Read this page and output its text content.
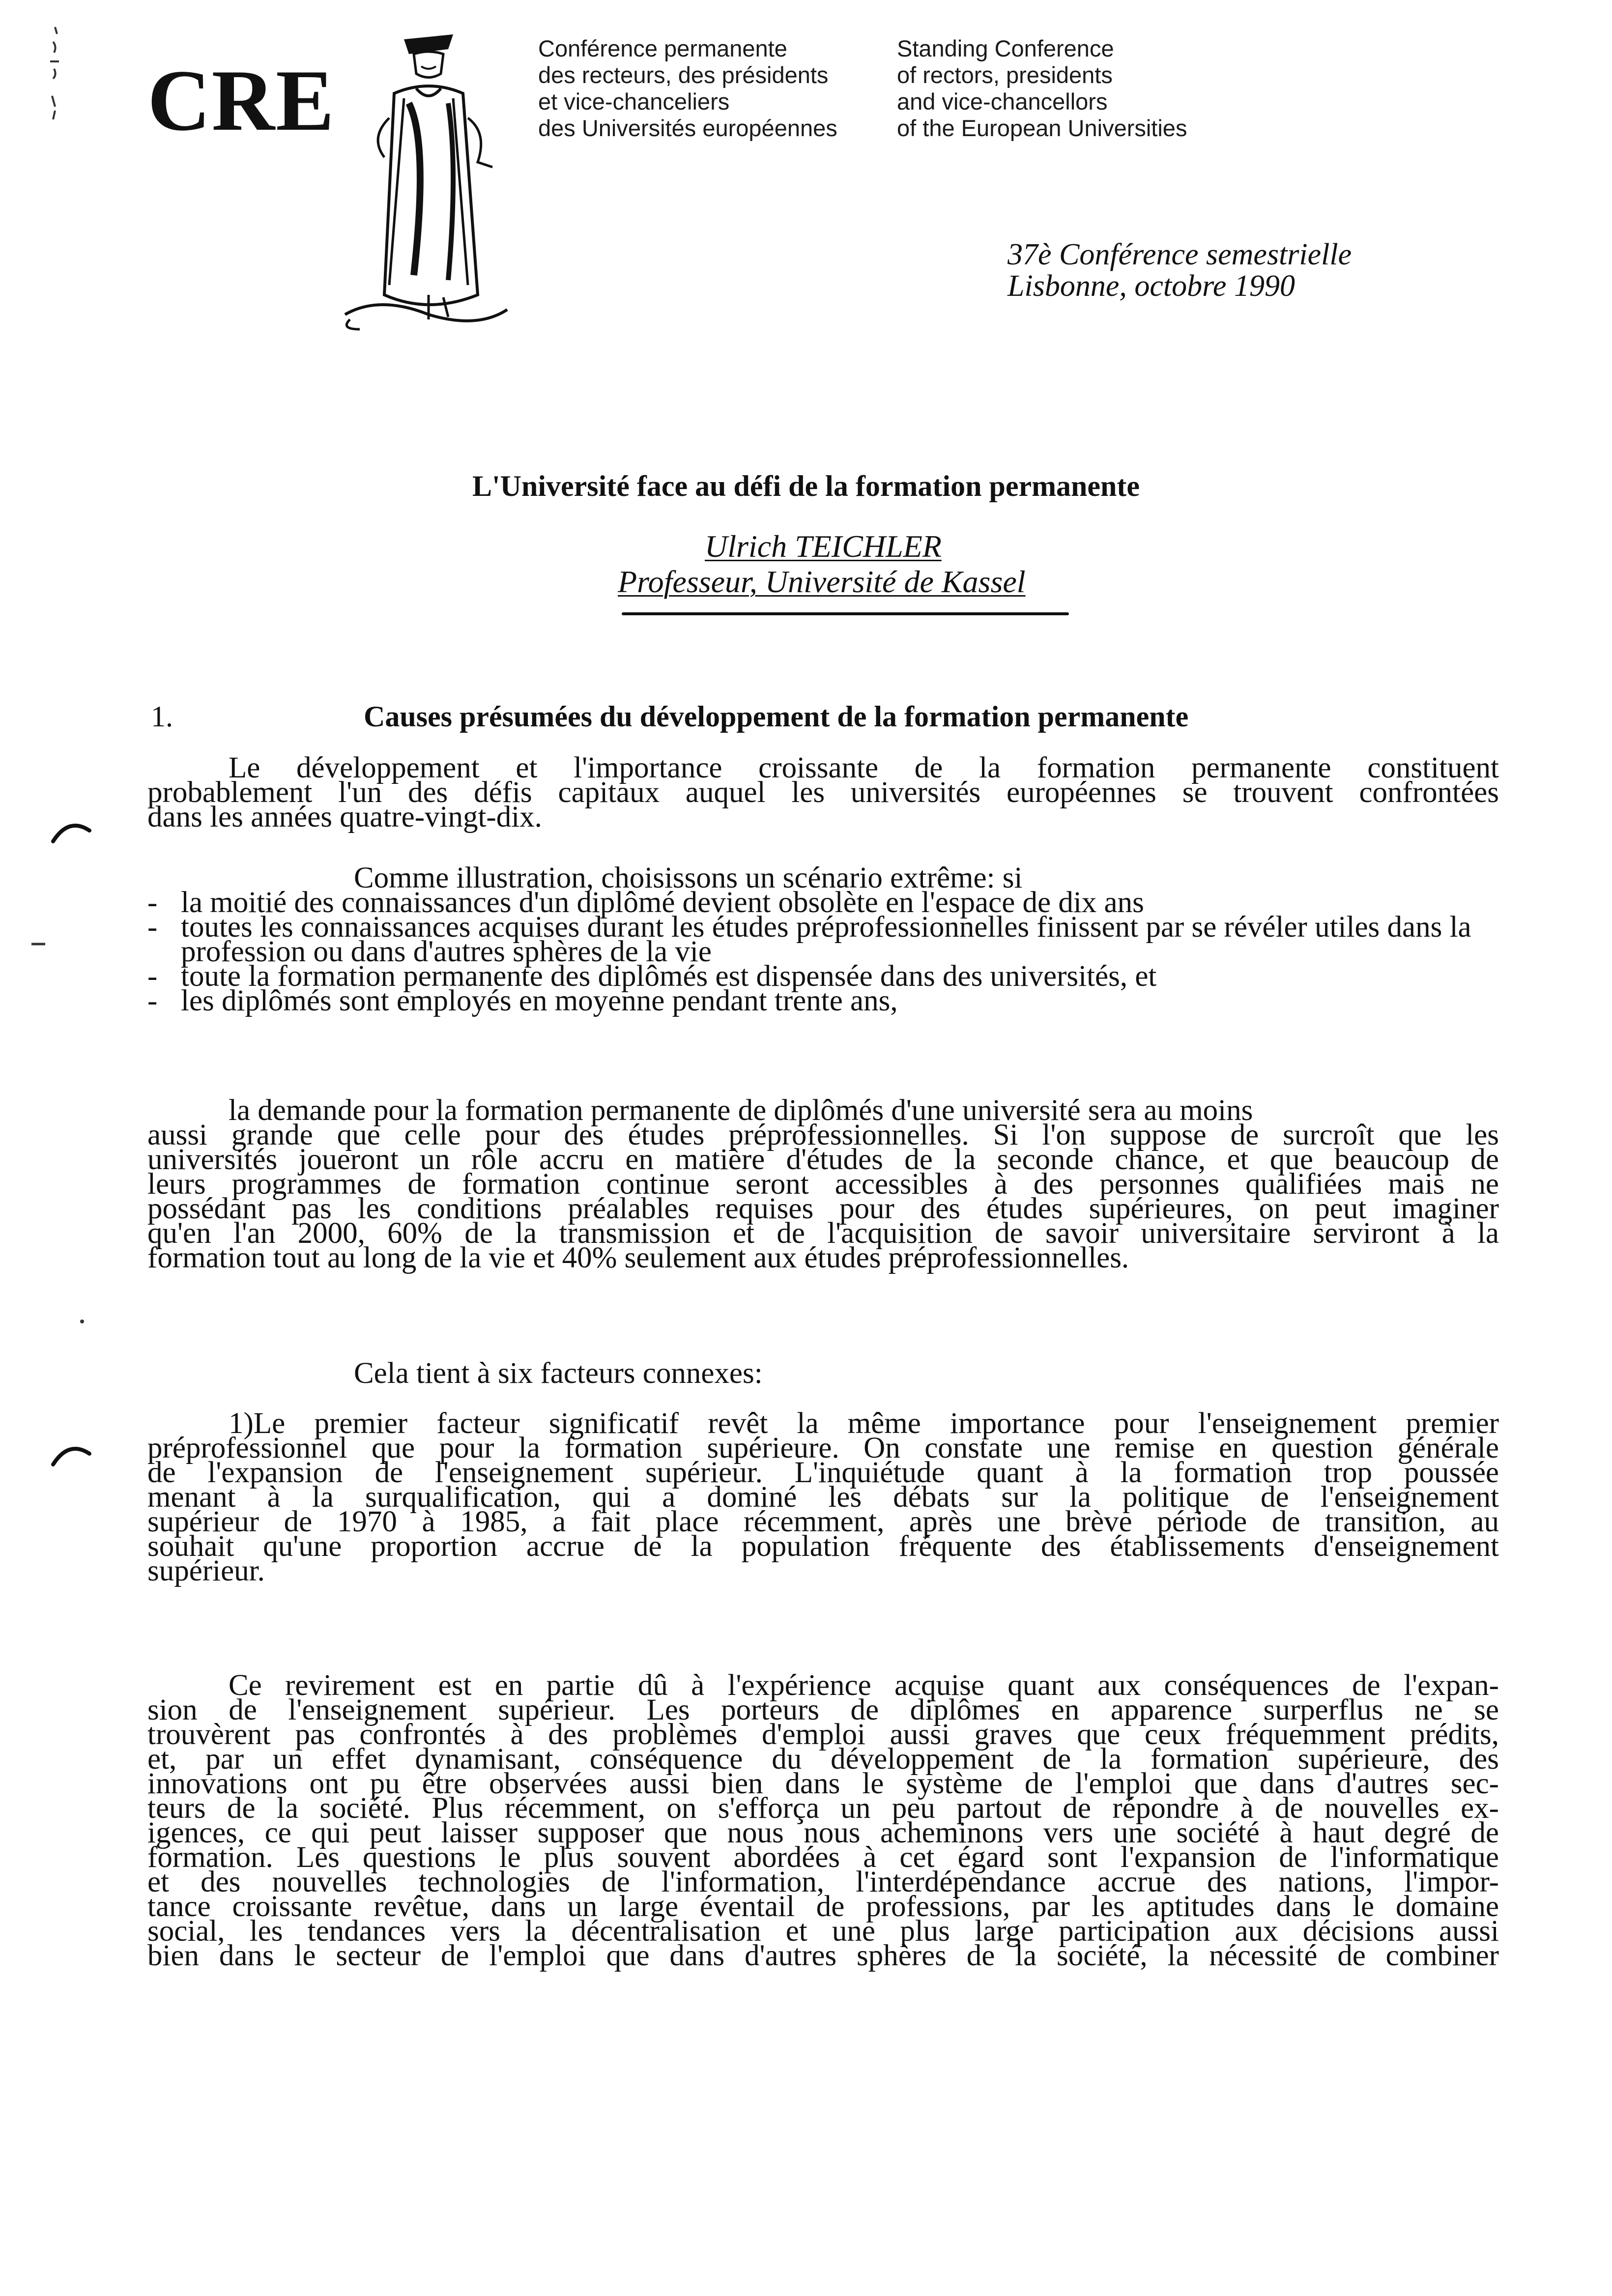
CRE
Conférence permanente
des recteurs, des présidents
et vice-chanceliers
des Universités européennes
Standing Conference
of rectors, presidents
and vice-chancellors
of the European Universities
37è Conférence semestrielle
Lisbonne, octobre 1990
L'Université face au défi de la formation permanente
Ulrich TEICHLER
Professeur, Université de Kassel
1.	Causes présumées du développement de la formation permanente

Le développement et l'importance croissante de la formation permanente constituent
probablement l'un des défis capitaux auquel les universités européennes se trouvent confrontées
dans les années quatre-vingt-dix.

Comme illustration, choisissons un scénario extrême: si

- la moitié des connaissances d'un diplômé devient obsolète en l'espace de dix ans
- toutes les connaissances acquises durant les études préprofessionnelles finissent par se révéler utiles dans la profession ou dans d'autres sphères de la vie
- toute la formation permanente des diplômés est dispensée dans des universités, et
- les diplômés sont employés en moyenne pendant trente ans,

la demande pour la formation permanente de diplômés d'une université sera au moins
aussi grande que celle pour des études préprofessionnelles. Si l'on suppose de surcroît que les
universités joueront un rôle accru en matière d'études de la seconde chance, et que beaucoup de
leurs programmes de formation continue seront accessibles à des personnes qualifiées mais ne
possédant pas les conditions préalables requises pour des études supérieures, on peut imaginer
qu'en l'an 2000, 60% de la transmission et de l'acquisition de savoir universitaire serviront à la
formation tout au long de la vie et 40% seulement aux études préprofessionnelles.

Cela tient à six facteurs connexes:

1)Le premier facteur significatif revêt la même importance pour l'enseignement premier
préprofessionnel que pour la formation supérieure. On constate une remise en question générale
de l'expansion de l'enseignement supérieur. L'inquiétude quant à la formation trop poussée
menant à la surqualification, qui a dominé les débats sur la politique de l'enseignement
supérieur de 1970 à 1985, a fait place récemment, après une brève période de transition, au
souhait qu'une proportion accrue de la population fréquente des établissements d'enseignement
supérieur.

Ce revirement est en partie dû à l'expérience acquise quant aux conséquences de l'expan-
sion de l'enseignement supérieur. Les porteurs de diplômes en apparence surperflus ne se
trouvèrent pas confrontés à des problèmes d'emploi aussi graves que ceux fréquemment prédits,
et, par un effet dynamisant, conséquence du développement de la formation supérieure, des
innovations ont pu être observées aussi bien dans le système de l'emploi que dans d'autres sec-
teurs de la société. Plus récemment, on s'efforça un peu partout de répondre à de nouvelles ex-
igences, ce qui peut laisser supposer que nous nous acheminons vers une société à haut degré de
formation. Les questions le plus souvent abordées à cet égard sont l'expansion de l'informatique
et des nouvelles technologies de l'information, l'interdépendance accrue des nations, l'impor-
tance croissante revêtue, dans un large éventail de professions, par les aptitudes dans le domaine
social, les tendances vers la décentralisation et une plus large participation aux décisions aussi
bien dans le secteur de l'emploi que dans d'autres sphères de la société, la nécessité de combiner
